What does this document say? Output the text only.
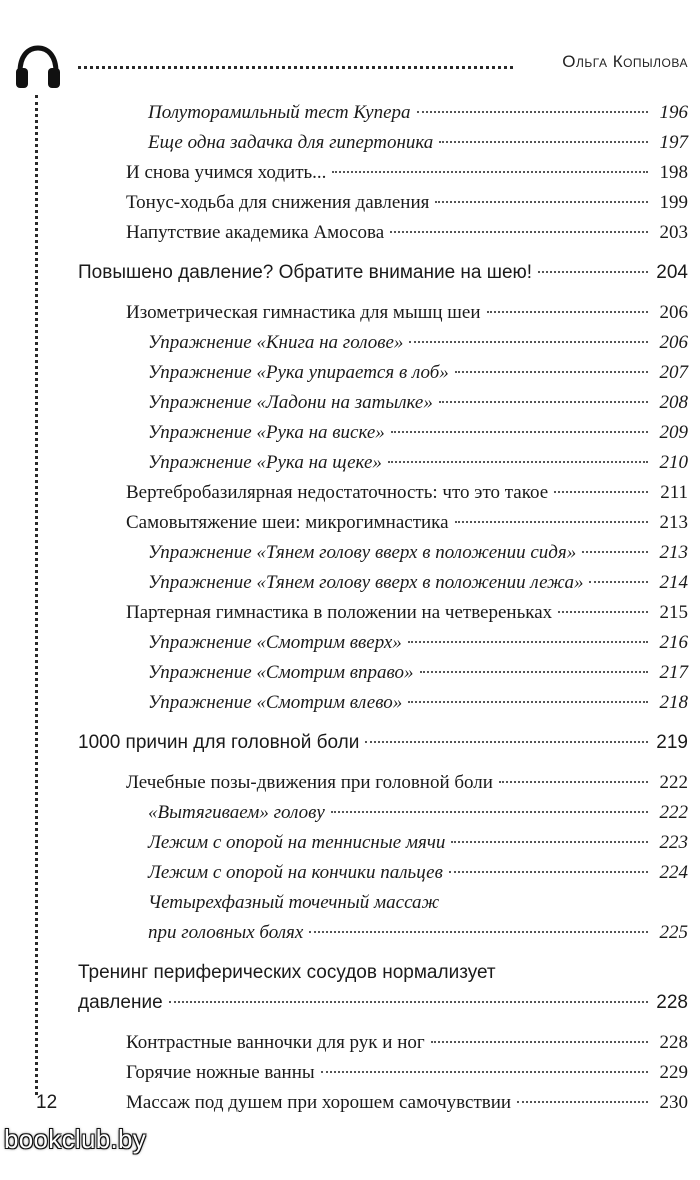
Ольга Копылова
Полуторамильный тест Купера	196
Еще одна задачка для гипертоника	197
И снова учимся ходить...	198
Тонус-ходьба для снижения давления	199
Напутствие академика Амосова	203
Повышено давление? Обратите внимание на шею!	204
Изометрическая гимнастика для мышц шеи	206
Упражнение «Книга на голове»	206
Упражнение «Рука упирается в лоб»	207
Упражнение «Ладони на затылке»	208
Упражнение «Рука на виске»	209
Упражнение «Рука на щеке»	210
Вертебробазилярная недостаточность: что это такое	211
Самовытяжение шеи: микрогимнастика	213
Упражнение «Тянем голову вверх в положении сидя»	213
Упражнение «Тянем голову вверх в положении лежа»	214
Партерная гимнастика в положении на четвереньках	215
Упражнение «Смотрим вверх»	216
Упражнение «Смотрим вправо»	217
Упражнение «Смотрим влево»	218
1000 причин для головной боли	219
Лечебные позы-движения при головной боли	222
«Вытягиваем» голову	222
Лежим с опорой на теннисные мячи	223
Лежим с опорой на кончики пальцев	224
Четырехфазный точечный массаж
при головных болях	225
Тренинг периферических сосудов нормализует
давление	228
Контрастные ванночки для рук и ног	228
Горячие ножные ванны	229
Массаж под душем при хорошем самочувствии	230
12
bookclub.by
